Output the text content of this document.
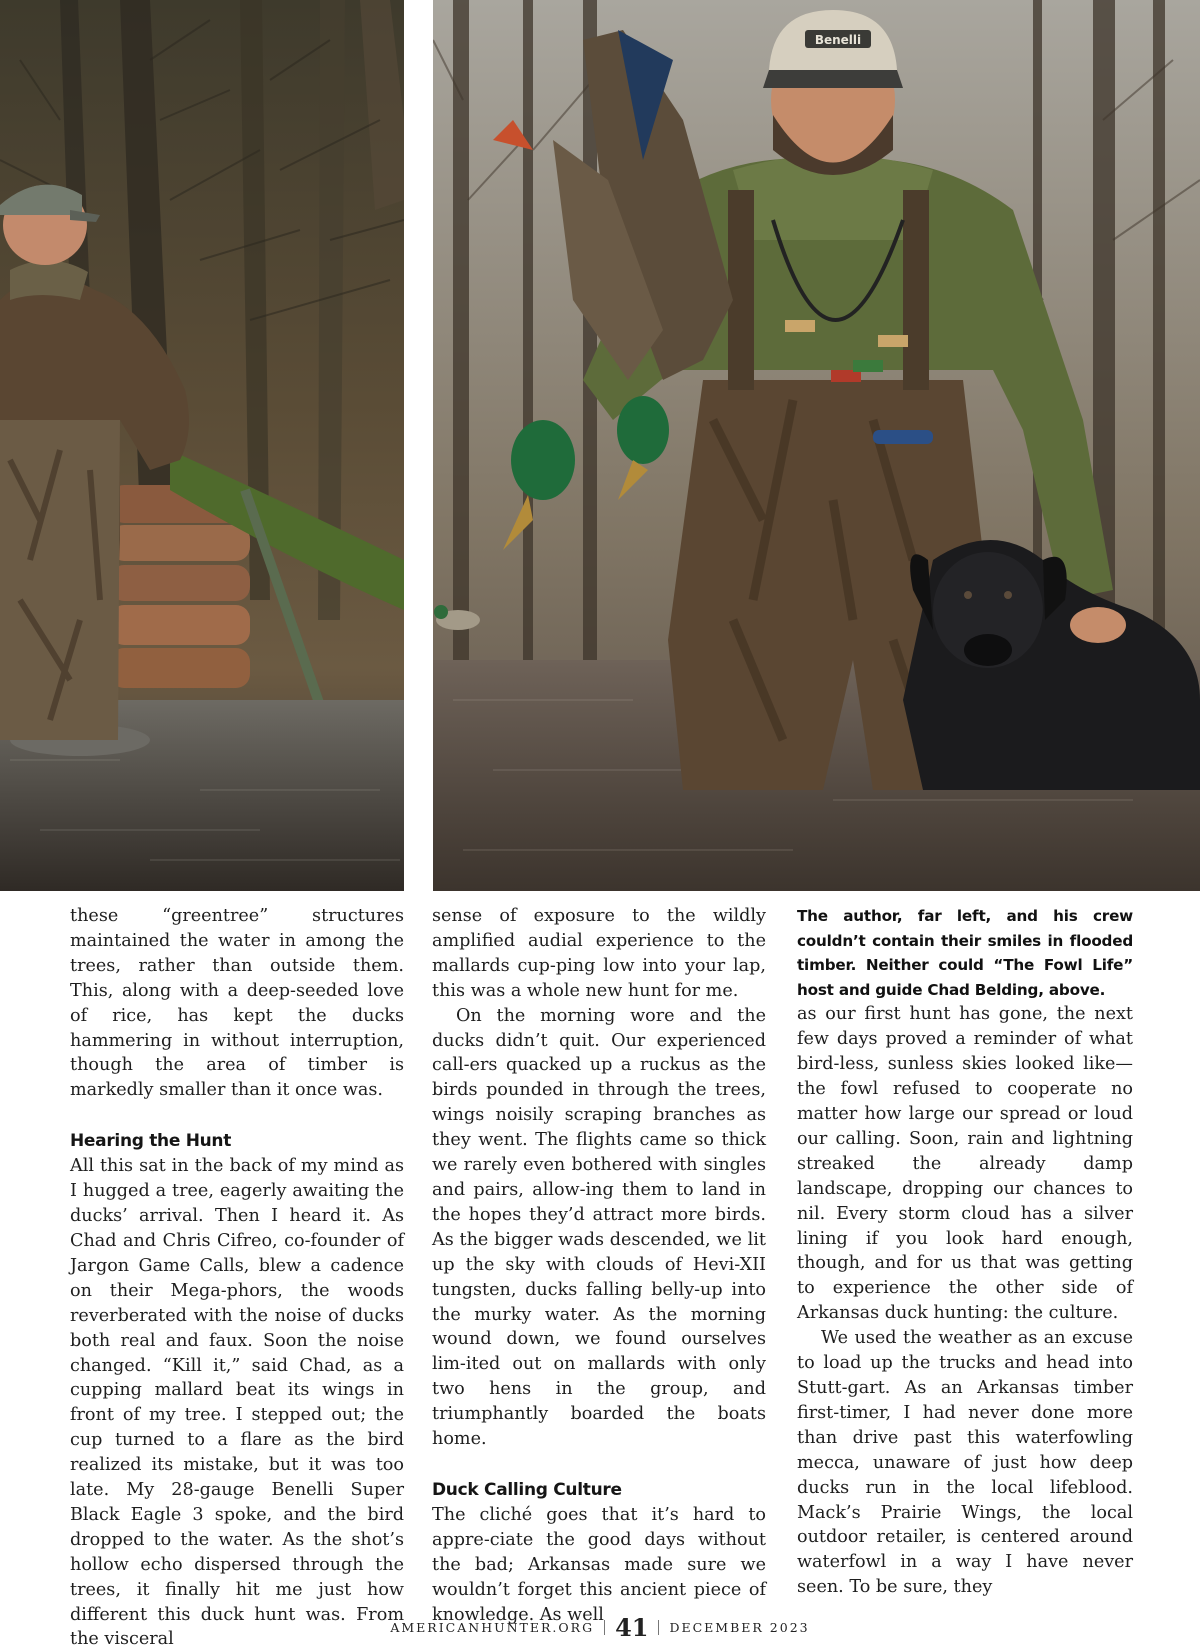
Benelli

these “greentree” structures maintained the water in among the trees, rather than outside them. This, along with a deep-seeded love of rice, has kept the ducks hammering in without interruption, though the area of timber is markedly smaller than it once was.

Hearing the Hunt

All this sat in the back of my mind as I hugged a tree, eagerly awaiting the ducks’ arrival. Then I heard it. As Chad and Chris Cifreo, co-founder of Jargon Game Calls, blew a cadence on their Mega-phors, the woods reverberated with the noise of ducks both real and faux. Soon the noise changed. “Kill it,” said Chad, as a cupping mallard beat its wings in front of my tree. I stepped out; the cup turned to a flare as the bird realized its mistake, but it was too late. My 28-gauge Benelli Super Black Eagle 3 spoke, and the bird dropped to the water. As the shot’s hollow echo dispersed through the trees, it finally hit me just how different this duck hunt was. From the visceral

sense of exposure to the wildly amplified audial experience to the mallards cup-ping low into your lap, this was a whole new hunt for me.

On the morning wore and the ducks didn’t quit. Our experienced call-ers quacked up a ruckus as the birds pounded in through the trees, wings noisily scraping branches as they went. The flights came so thick we rarely even bothered with singles and pairs, allow-ing them to land in the hopes they’d attract more birds. As the bigger wads descended, we lit up the sky with clouds of Hevi-XII tungsten, ducks falling belly-up into the murky water. As the morning wound down, we found ourselves lim-ited out on mallards with only two hens in the group, and triumphantly boarded the boats home.

Duck Calling Culture

The cliché goes that it’s hard to appre-ciate the good days without the bad; Arkansas made sure we wouldn’t forget this ancient piece of knowledge. As well

The author, far left, and his crew couldn’t contain their smiles in flooded timber. Neither could “The Fowl Life” host and guide Chad Belding, above.

as our first hunt has gone, the next few days proved a reminder of what bird-less, sunless skies looked like—the fowl refused to cooperate no matter how large our spread or loud our calling. Soon, rain and lightning streaked the already damp landscape, dropping our chances to nil. Every storm cloud has a silver lining if you look hard enough, though, and for us that was getting to experience the other side of Arkansas duck hunting: the culture.

We used the weather as an excuse to load up the trucks and head into Stutt-gart. As an Arkansas timber first-timer, I had never done more than drive past this waterfowling mecca, unaware of just how deep ducks run in the local lifeblood. Mack’s Prairie Wings, the local outdoor retailer, is centered around waterfowl in a way I have never seen. To be sure, they

AMERICANHUNTER.ORG 41 DECEMBER 2023
